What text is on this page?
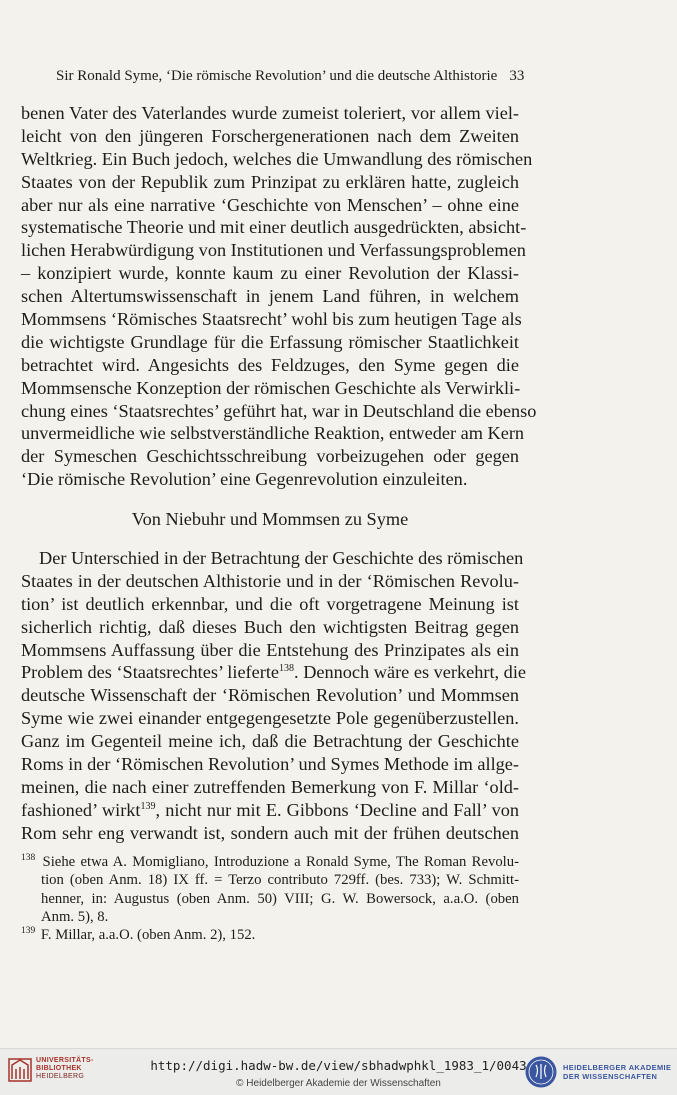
Sir Ronald Syme, ‘Die römische Revolution’ und die deutsche Althistorie 33
benen Vater des Vaterlandes wurde zumeist toleriert, vor allem viel-
leicht von den jüngeren Forschergenerationen nach dem Zweiten
Weltkrieg. Ein Buch jedoch, welches die Umwandlung des römischen
Staates von der Republik zum Prinzipat zu erklären hatte, zugleich
aber nur als eine narrative ‘Geschichte von Menschen’ – ohne eine
systematische Theorie und mit einer deutlich ausgedrückten, absicht-
lichen Herabwürdigung von Institutionen und Verfassungsproblemen
– konzipiert wurde, konnte kaum zu einer Revolution der Klassi-
schen Altertumswissenschaft in jenem Land führen, in welchem
Mommsens ‘Römisches Staatsrecht’ wohl bis zum heutigen Tage als
die wichtigste Grundlage für die Erfassung römischer Staatlichkeit
betrachtet wird. Angesichts des Feldzuges, den Syme gegen die
Mommsensche Konzeption der römischen Geschichte als Verwirkli-
chung eines ‘Staatsrechtes’ geführt hat, war in Deutschland die ebenso
unvermeidliche wie selbstverständliche Reaktion, entweder am Kern
der Symeschen Geschichtsschreibung vorbeizugehen oder gegen
‘Die römische Revolution’ eine Gegenrevolution einzuleiten.
Von Niebuhr und Mommsen zu Syme
Der Unterschied in der Betrachtung der Geschichte des römischen
Staates in der deutschen Althistorie und in der ‘Römischen Revolu-
tion’ ist deutlich erkennbar, und die oft vorgetragene Meinung ist
sicherlich richtig, daß dieses Buch den wichtigsten Beitrag gegen
Mommsens Auffassung über die Entstehung des Prinzipates als ein
Problem des ‘Staatsrechtes’ lieferte$^{138}$. Dennoch wäre es verkehrt, die
deutsche Wissenschaft der ‘Römischen Revolution’ und Mommsen
Syme wie zwei einander entgegengesetzte Pole gegenüberzustellen.
Ganz im Gegenteil meine ich, daß die Betrachtung der Geschichte
Roms in der ‘Römischen Revolution’ und Symes Methode im allge-
meinen, die nach einer zutreffenden Bemerkung von F. Millar ‘old-
fashioned’ wirkt$^{139}$, nicht nur mit E. Gibbons ‘Decline and Fall’ von
Rom sehr eng verwandt ist, sondern auch mit der frühen deutschen
$^{138}$ Siehe etwa A. Momigliano, Introduzione a Ronald Syme, The Roman Revolu-
tion (oben Anm. 18) IX ff. = Terzo contributo 729ff. (bes. 733); W. Schmitt-
henner, in: Augustus (oben Anm. 50) VIII; G. W. Bowersock, a.a.O. (oben
Anm. 5), 8.
$^{139}$ F. Millar, a.a.O. (oben Anm. 2), 152.
UNIVERSITÄTS-
BIBLIOTHEK
HEIDELBERG
http://digi.hadw-bw.de/view/sbhadwphkl_1983_1/0043
© Heidelberger Akademie der Wissenschaften
HEIDELBERGER AKADEMIE
DER WISSENSCHAFTEN
